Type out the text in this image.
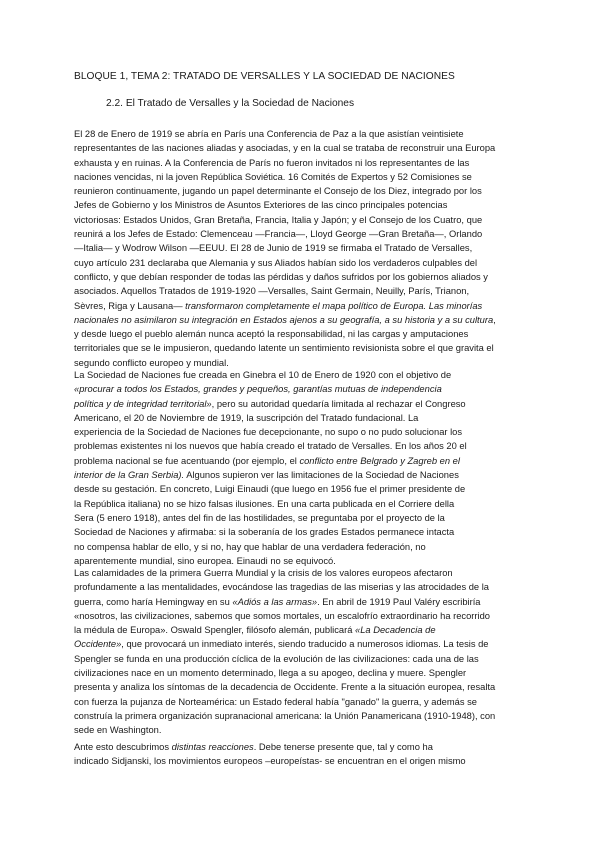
BLOQUE 1, TEMA 2: TRATADO DE VERSALLES Y LA SOCIEDAD DE NACIONES
2.2. El Tratado de Versalles y la Sociedad de Naciones
El 28 de Enero de 1919 se abría en París una Conferencia de Paz a la que asistían veintisiete
representantes de las naciones aliadas y asociadas, y en la cual se trataba de reconstruir una Europa
exhausta y en ruinas. A la Conferencia de París no fueron invitados ni los representantes de las
naciones vencidas, ni la joven República Soviética. 16 Comités de Expertos y 52 Comisiones se
reunieron continuamente, jugando un papel determinante el Consejo de los Diez, integrado por los
Jefes de Gobierno y los Ministros de Asuntos Exteriores de las cinco principales potencias
victoriosas: Estados Unidos, Gran Bretaña, Francia, Italia y Japón; y el Consejo de los Cuatro, que
reunirá a los Jefes de Estado: Clemenceau —Francia—, Lloyd George —Gran Bretaña—, Orlando
—Italia— y Wodrow Wilson —EEUU. El 28 de Junio de 1919 se firmaba el Tratado de Versalles,
cuyo artículo 231 declaraba que Alemania y sus Aliados habían sido los verdaderos culpables del
conflicto, y que debían responder de todas las pérdidas y daños sufridos por los gobiernos aliados y
asociados. Aquellos Tratados de 1919-1920 —Versalles, Saint Germain, Neuilly, París, Trianon,
Sèvres, Riga y Lausana— transformaron completamente el mapa político de Europa. Las minorías
nacionales no asimilaron su integración en Estados ajenos a su geografía, a su historia y a su cultura,
y desde luego el pueblo alemán nunca aceptó la responsabilidad, ni las cargas y amputaciones
territoriales que se le impusieron, quedando latente un sentimiento revisionista sobre el que gravita el
segundo conflicto europeo y mundial.
La Sociedad de Naciones fue creada en Ginebra el 10 de Enero de 1920 con el objetivo de
«procurar a todos los Estados, grandes y pequeños, garantías mutuas de independencia
política y de integridad territorial», pero su autoridad quedaría limitada al rechazar el Congreso
Americano, el 20 de Noviembre de 1919, la suscripción del Tratado fundacional. La
experiencia de la Sociedad de Naciones fue decepcionante, no supo o no pudo solucionar los
problemas existentes ni los nuevos que había creado el tratado de Versalles. En los años 20 el
problema nacional se fue acentuando (por ejemplo, el conflicto entre Belgrado y Zagreb en el
interior de la Gran Serbia). Algunos supieron ver las limitaciones de la Sociedad de Naciones
desde su gestación. En concreto, Luigi Einaudi (que luego en 1956 fue el primer presidente de
la República italiana) no se hizo falsas ilusiones. En una carta publicada en el Corriere della
Sera (5 enero 1918), antes del fin de las hostilidades, se preguntaba por el proyecto de la
Sociedad de Naciones y afirmaba: si la soberanía de los grades Estados permanece intacta
no compensa hablar de ello, y si no, hay que hablar de una verdadera federación, no
aparentemente mundial, sino europea. Einaudi no se equivocó.
Las calamidades de la primera Guerra Mundial y la crisis de los valores europeos afectaron
profundamente a las mentalidades, evocándose las tragedias de las miserias y las atrocidades de la
guerra, como haría Hemingway en su «Adiós a las armas». En abril de 1919 Paul Valéry escribiría
«nosotros, las civilizaciones, sabemos que somos mortales, un escalofrío extraordinario ha recorrido
la médula de Europa». Oswald Spengler, filósofo alemán, publicará «La Decadencia de
Occidente», que provocará un inmediato interés, siendo traducido a numerosos idiomas. La tesis de
Spengler se funda en una producción cíclica de la evolución de las civilizaciones: cada una de las
civilizaciones nace en un momento determinado, llega a su apogeo, declina y muere. Spengler
presenta y analiza los síntomas de la decadencia de Occidente. Frente a la situación europea, resalta
con fuerza la pujanza de Norteamérica: un Estado federal había "ganado" la guerra, y además se
construía la primera organización supranacional americana: la Unión Panamericana (1910-1948), con
sede en Washington.
Ante esto descubrimos distintas reacciones. Debe tenerse presente que, tal y como ha
indicado Sidjanski, los movimientos europeos –europeístas- se encuentran en el origen mismo
